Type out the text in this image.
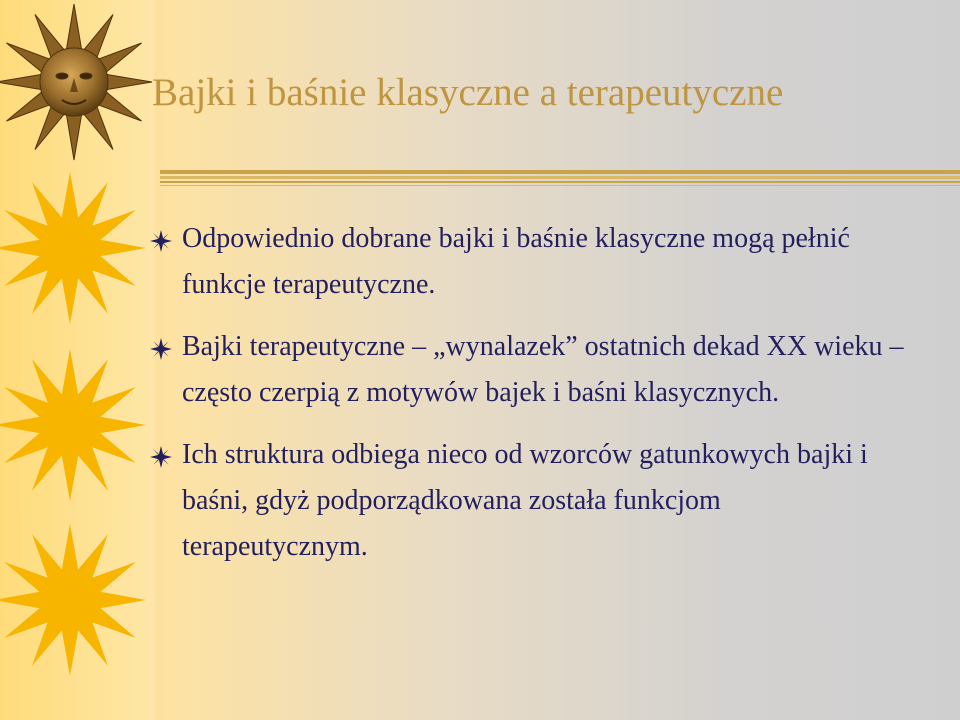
Bajki i baśnie klasyczne a terapeutyczne
Odpowiednio dobrane bajki i baśnie klasyczne mogą pełnić funkcje terapeutyczne.
Bajki terapeutyczne – „wynalazek” ostatnich dekad XX wieku – często czerpią z motywów bajek i baśni klasycznych.
Ich struktura odbiega nieco od wzorców gatunkowych bajki i baśni, gdyż podporządkowana została funkcjom terapeutycznym.
